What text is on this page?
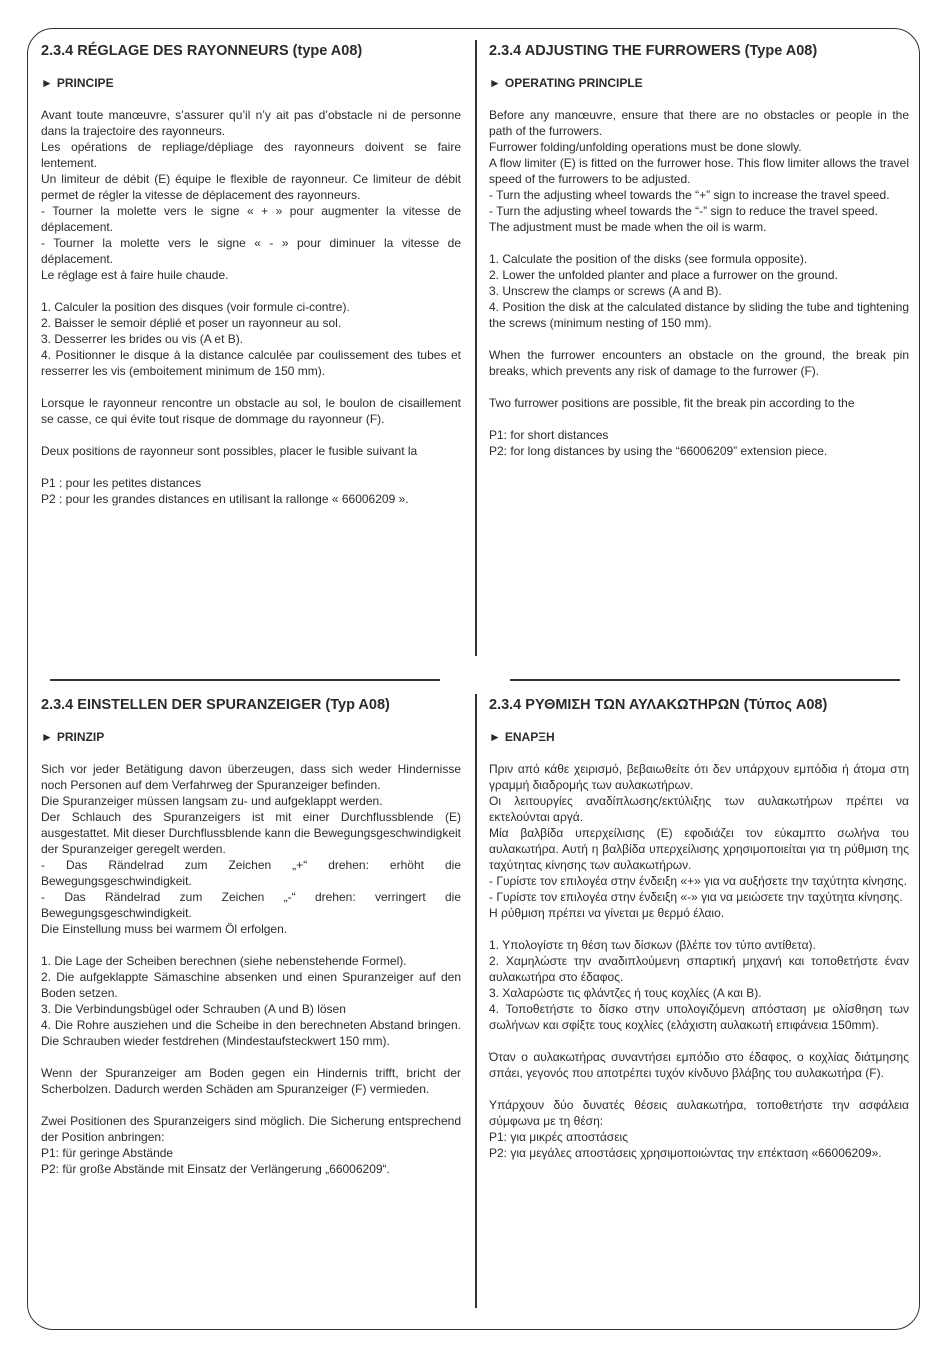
2.3.4 RÉGLAGE DES RAYONNEURS (type A08)
► PRINCIPE
Avant toute manœuvre, s’assurer qu’il n’y ait pas d’obstacle ni de personne dans la trajectoire des rayonneurs.
Les opérations de repliage/dépliage des rayonneurs doivent se faire lentement.
Un limiteur de débit (E) équipe le flexible de rayonneur. Ce limiteur de débit permet de régler la vitesse de déplacement des rayonneurs.
- Tourner la molette vers le signe « + » pour augmenter la vitesse de déplacement.
- Tourner la molette vers le signe « - » pour diminuer la vitesse de déplacement.
Le réglage est à faire huile chaude.
1. Calculer la position des disques (voir formule ci-contre).
2. Baisser le semoir déplié et poser un rayonneur au sol.
3. Desserrer les brides ou vis (A et B).
4. Positionner le disque à la distance calculée par coulissement des tubes et resserrer les vis (emboitement minimum de 150 mm).
Lorsque le rayonneur rencontre un obstacle au sol, le boulon de cisaillement se casse, ce qui évite tout risque de dommage du rayonneur (F).
Deux positions de rayonneur sont possibles, placer le fusible suivant la
P1 : pour les petites distances
P2 : pour les grandes distances en utilisant la rallonge « 66006209 ».
2.3.4 ADJUSTING THE FURROWERS (Type A08)
► OPERATING PRINCIPLE
Before any manœuvre, ensure that there are no obstacles or people in the path of the furrowers.
Furrower folding/unfolding operations must be done slowly.
A flow limiter (E) is fitted on the furrower hose. This flow limiter allows the travel speed of the furrowers to be adjusted.
- Turn the adjusting wheel towards the “+” sign to increase the travel speed.
- Turn the adjusting wheel towards the “-” sign to reduce the travel speed.
The adjustment must be made when the oil is warm.
1. Calculate the position of the disks (see formula opposite).
2. Lower the unfolded planter and place a furrower on the ground.
3. Unscrew the clamps or screws (A and B).
4. Position the disk at the calculated distance by sliding the tube and tightening the screws (minimum nesting of 150 mm).
When the furrower encounters an obstacle on the ground, the break pin breaks, which prevents any risk of damage to the furrower (F).
Two furrower positions are possible, fit the break pin according to the
P1: for short distances
P2: for long distances by using the “66006209” extension piece.
2.3.4 EINSTELLEN DER SPURANZEIGER (Typ A08)
► PRINZIP
Sich vor jeder Betätigung davon überzeugen, dass sich weder Hindernisse noch Personen auf dem Verfahrweg der Spuranzeiger befinden.
Die Spuranzeiger müssen langsam zu- und aufgeklappt werden.
Der Schlauch des Spuranzeigers ist mit einer Durchflussblende (E) ausgestattet. Mit dieser Durchflussblende kann die Bewegungsgeschwindigkeit der Spuranzeiger geregelt werden.
- Das Rändelrad zum Zeichen „+“ drehen: erhöht die Bewegungsgeschwindigkeit.
- Das Rändelrad zum Zeichen „-“ drehen: verringert die Bewegungsgeschwindigkeit.
Die Einstellung muss bei warmem Öl erfolgen.
1. Die Lage der Scheiben berechnen (siehe nebenstehende Formel).
2. Die aufgeklappte Sämaschine absenken und einen Spuranzeiger auf den Boden setzen.
3. Die Verbindungsbügel oder Schrauben (A und B) lösen
4. Die Rohre ausziehen und die Scheibe in den berechneten Abstand bringen. Die Schrauben wieder festdrehen (Mindestaufsteckwert 150 mm).
Wenn der Spuranzeiger am Boden gegen ein Hindernis trifft, bricht der Scherbolzen. Dadurch werden Schäden am Spuranzeiger (F) vermieden.
Zwei Positionen des Spuranzeigers sind möglich. Die Sicherung entsprechend der Position anbringen:
P1: für geringe Abstände
P2: für große Abstände mit Einsatz der Verlängerung „66006209“.
2.3.4 ΡΥΘΜΙΣΗ ΤΩΝ ΑΥΛΑΚΩΤΗΡΩΝ (Τύπος A08)
► ΕΝΑΡΞΗ
Πριν από κάθε χειρισμό, βεβαιωθείτε ότι δεν υπάρχουν εμπόδια ή άτομα στη γραμμή διαδρομής των αυλακωτήρων.
Οι λειτουργίες αναδίπλωσης/εκτύλιξης των αυλακωτήρων πρέπει να εκτελούνται αργά.
Μία βαλβίδα υπερχείλισης (E) εφοδιάζει τον εύκαμπτο σωλήνα του αυλακωτήρα. Αυτή η βαλβίδα υπερχείλισης χρησιμοποιείται για τη ρύθμιση της ταχύτητας κίνησης των αυλακωτήρων.
- Γυρίστε τον επιλογέα στην ένδειξη «+» για να αυξήσετε την ταχύτητα κίνησης.
- Γυρίστε τον επιλογέα στην ένδειξη «-» για να μειώσετε την ταχύτητα κίνησης.
Η ρύθμιση πρέπει να γίνεται με θερμό έλαιο.
1. Υπολογίστε τη θέση των δίσκων (βλέπε τον τύπο αντίθετα).
2. Χαμηλώστε την αναδιπλούμενη σπαρτική μηχανή και τοποθετήστε έναν αυλακωτήρα στο έδαφος.
3. Χαλαρώστε τις φλάντζες ή τους κοχλίες (A και B).
4. Τοποθετήστε το δίσκο στην υπολογιζόμενη απόσταση με ολίσθηση των σωλήνων και σφίξτε τους κοχλίες (ελάχιστη αυλακωτή επιφάνεια 150mm).
Όταν ο αυλακωτήρας συναντήσει εμπόδιο στο έδαφος, ο κοχλίας διάτμησης σπάει, γεγονός που αποτρέπει τυχόν κίνδυνο βλάβης του αυλακωτήρα (F).
Υπάρχουν δύο δυνατές θέσεις αυλακωτήρα, τοποθετήστε την ασφάλεια σύμφωνα με τη θέση:
P1: για μικρές αποστάσεις
P2: για μεγάλες αποστάσεις χρησιμοποιώντας την επέκταση «66006209».
